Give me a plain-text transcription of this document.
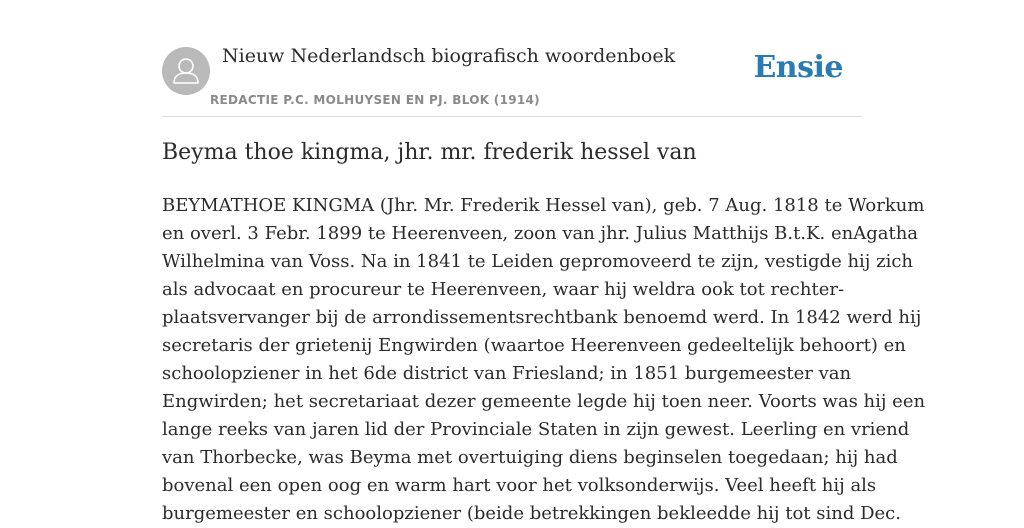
Nieuw Nederlandsch biografisch woordenboek
REDACTIE P.C. MOLHUYSEN EN PJ. BLOK (1914)
Ensie
Beyma thoe kingma, jhr. mr. frederik hessel van

BEYMATHOE KINGMA (Jhr. Mr. Frederik Hessel van), geb. 7 Aug. 1818 te Workum
en overl. 3 Febr. 1899 te Heerenveen, zoon van jhr. Julius Matthijs B.t.K. enAgatha
Wilhelmina van Voss. Na in 1841 te Leiden gepromoveerd te zijn, vestigde hij zich
als advocaat en procureur te Heerenveen, waar hij weldra ook tot rechter-
plaatsvervanger bij de arrondissementsrechtbank benoemd werd. In 1842 werd hij
secretaris der grietenij Engwirden (waartoe Heerenveen gedeeltelijk behoort) en
schoolopziener in het 6de district van Friesland; in 1851 burgemeester van
Engwirden; het secretariaat dezer gemeente legde hij toen neer. Voorts was hij een
lange reeks van jaren lid der Provinciale Staten in zijn gewest. Leerling en vriend
van Thorbecke, was Beyma met overtuiging diens beginselen toegedaan; hij had
bovenal een open oog en warm hart voor het volksonderwijs. Veel heeft hij als
burgemeester en schoolopziener (beide betrekkingen bekleedde hij tot sind Dec.
